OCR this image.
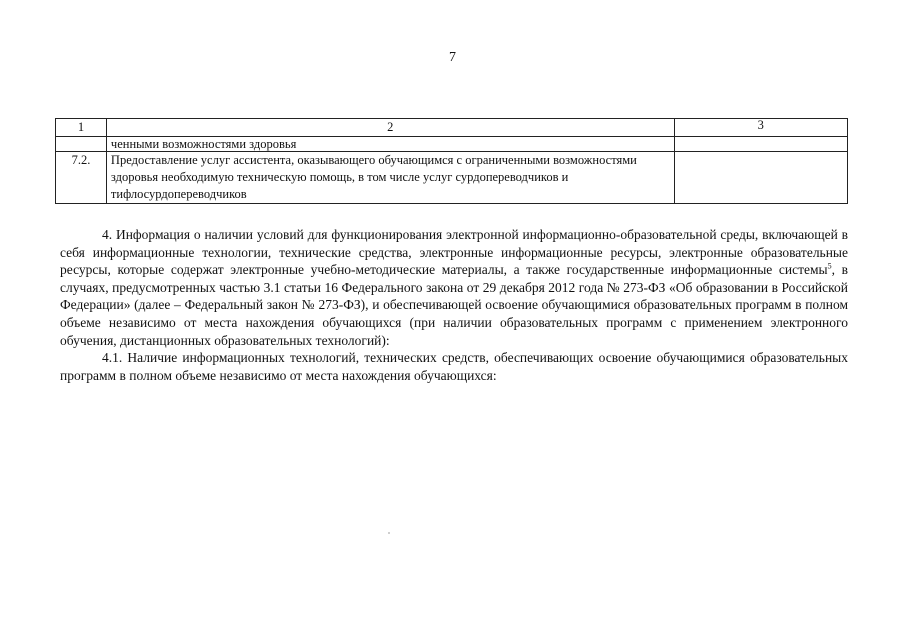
7
1	2	3
	ченными возможностями здоровья	
7.2.	Предоставление услуг ассистента, оказывающего обучающимся с ограниченными возможностями здоровья необходимую техническую помощь, в том числе услуг сурдопереводчиков и тифлосурдопереводчиков	

4. Информация о наличии условий для функционирования электронной информационно-образовательной среды, включающей в себя информационные технологии, технические средства, электронные информационные ресурсы, электронные образовательные ресурсы, которые содержат электронные учебно-методические материалы, а также государственные информационные системы$^5$, в случаях, предусмотренных частью 3.1 статьи 16 Федерального закона от 29 декабря 2012 года № 273-ФЗ «Об образовании в Российской Федерации» (далее – Федеральный закон № 273-ФЗ), и обеспечивающей освоение обучающимися образовательных программ в полном объеме независимо от места нахождения обучающихся (при наличии образовательных программ с применением электронного обучения, дистанционных образовательных технологий):

4.1. Наличие информационных технологий, технических средств, обеспечивающих освоение обучающимися образовательных программ в полном объеме независимо от места нахождения обучающихся:
